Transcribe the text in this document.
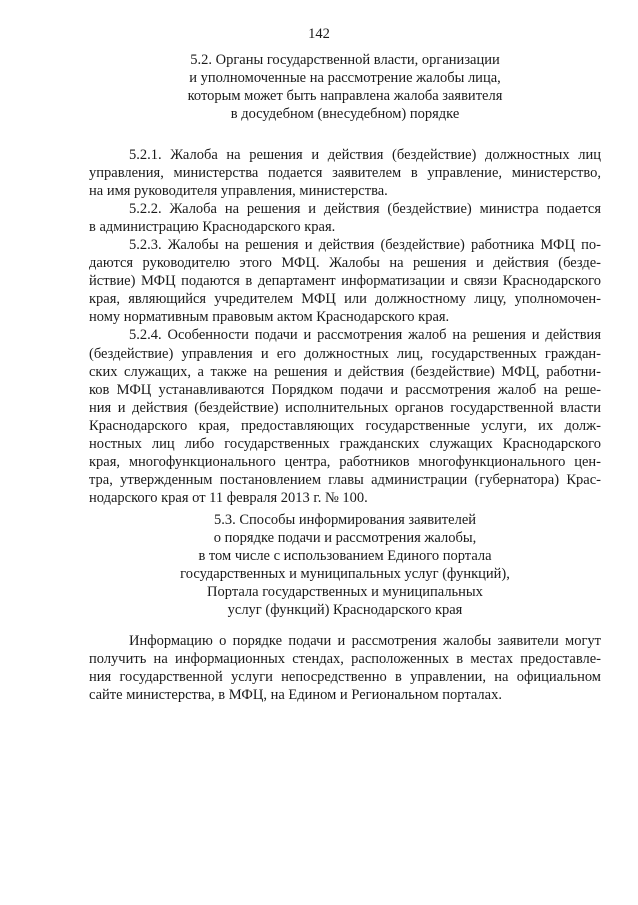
142
5.2. Органы государственной власти, организации
и уполномоченные на рассмотрение жалобы лица,
которым может быть направлена жалоба заявителя
в досудебном (внесудебном) порядке
5.2.1. Жалоба на решения и действия (бездействие) должностных лиц
управления, министерства подается заявителем в управление, министерство,
на имя руководителя управления, министерства.
5.2.2. Жалоба на решения и действия (бездействие) министра подается
в администрацию Краснодарского края.
5.2.3. Жалобы на решения и действия (бездействие) работника МФЦ по-
даются руководителю этого МФЦ. Жалобы на решения и действия (безде-
йствие) МФЦ подаются в департамент информатизации и связи Краснодарского
края, являющийся учредителем МФЦ или должностному лицу, уполномочен-
ному нормативным правовым актом Краснодарского края.
5.2.4. Особенности подачи и рассмотрения жалоб на решения и действия
(бездействие) управления и его должностных лиц, государственных граждан-
ских служащих, а также на решения и действия (бездействие) МФЦ, работни-
ков МФЦ устанавливаются Порядком подачи и рассмотрения жалоб на реше-
ния и действия (бездействие) исполнительных органов государственной власти
Краснодарского края, предоставляющих государственные услуги, их долж-
ностных лиц либо государственных гражданских служащих Краснодарского
края, многофункционального центра, работников многофункционального цен-
тра, утвержденным постановлением главы администрации (губернатора) Крас-
нодарского края от 11 февраля 2013 г. № 100.
5.3. Способы информирования заявителей
о порядке подачи и рассмотрения жалобы,
в том числе с использованием Единого портала
государственных и муниципальных услуг (функций),
Портала государственных и муниципальных
услуг (функций) Краснодарского края
Информацию о порядке подачи и рассмотрения жалобы заявители могут
получить на информационных стендах, расположенных в местах предоставле-
ния государственной услуги непосредственно в управлении, на официальном
сайте министерства, в МФЦ, на Едином и Региональном порталах.
